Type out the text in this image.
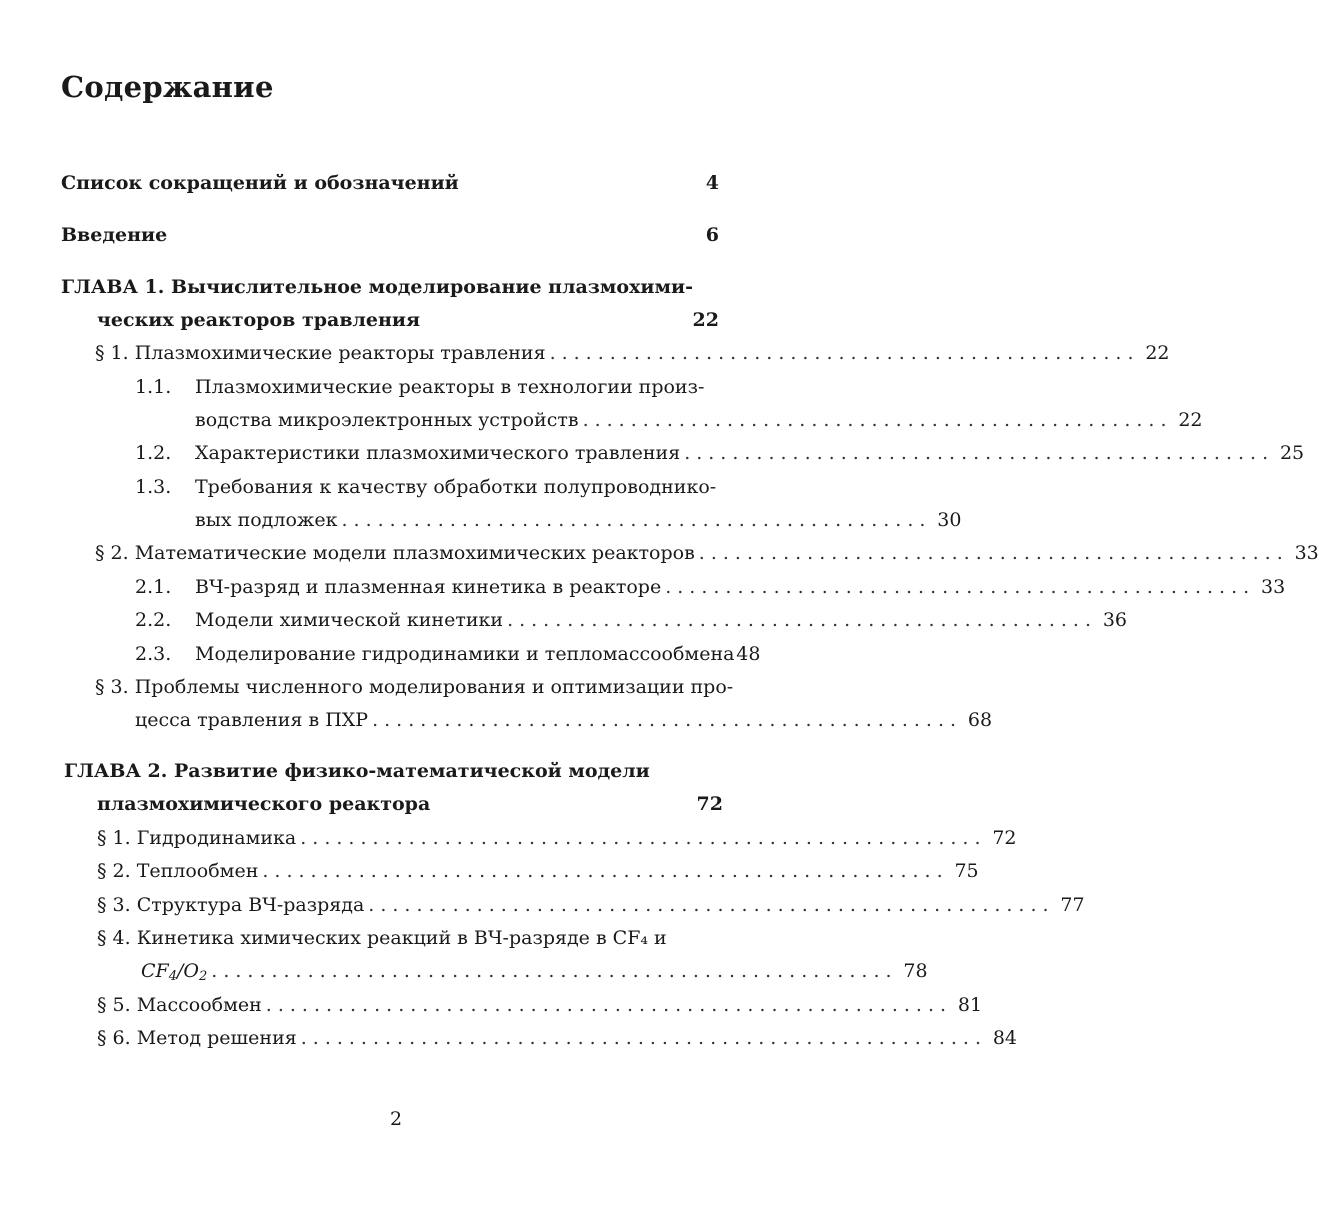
Содержание
Список сокращений и обозначений	4
Введение	6
ГЛАВА 1. Вычислительное моделирование плазмохими-
ческих реакторов травления	22
§ 1. Плазмохимические реакторы травления ................................................. 22
1.1.	Плазмохимические реакторы в технологии произ-
водства микроэлектронных устройств ................................................. 22
1.2.	Характеристики плазмохимического травления ................................................. 25
1.3.	Требования к качеству обработки полупроводнико-
вых подложек ................................................. 30
§ 2. Математические модели плазмохимических реакторов ................................................. 33
2.1.	ВЧ-разряд и плазменная кинетика в реакторе ................................................. 33
2.2.	Модели химической кинетики ................................................. 36
2.3.	Моделирование гидродинамики и тепломассообмена 48
§ 3. Проблемы численного моделирования и оптимизации про-
цесса травления в ПХР ................................................. 68
ГЛАВА 2. Развитие физико-математической модели
плазмохимического реактора	72
§ 1. Гидродинамика ......................................................... 72
§ 2. Теплообмен ......................................................... 75
§ 3. Структура ВЧ-разряда ......................................................... 77
§ 4. Кинетика химических реакций в ВЧ-разряде в CF₄ и
$CF_4/O_2$ ......................................................... 78
§ 5. Массообмен ......................................................... 81
§ 6. Метод решения ......................................................... 84
2
